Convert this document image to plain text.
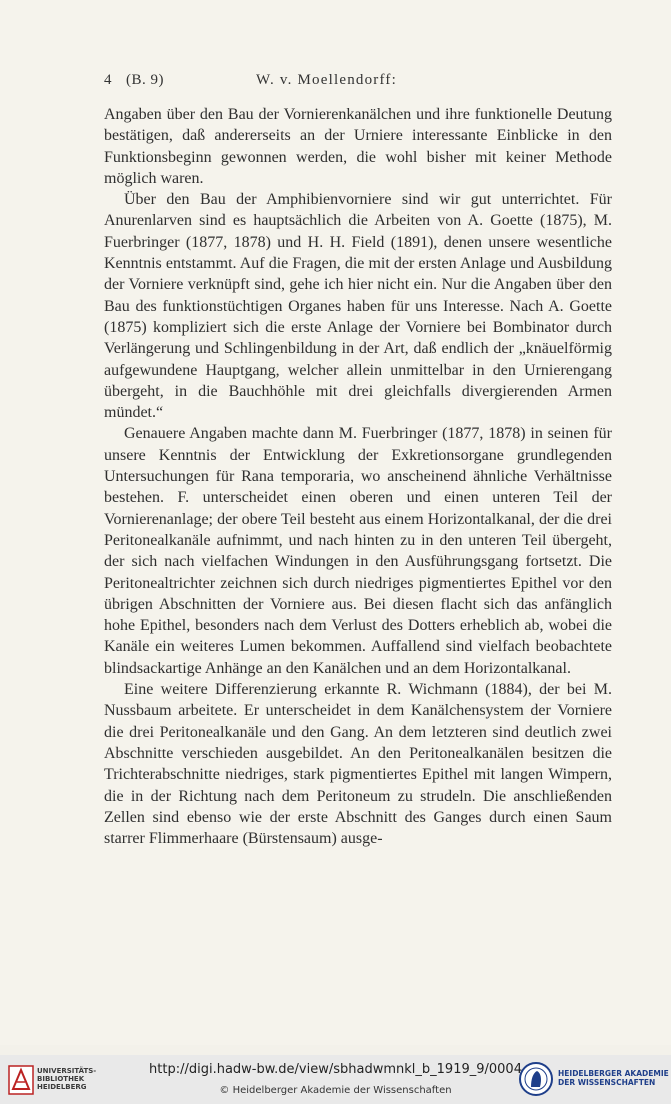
4 (B. 9)	W. v. Moellendorff:

Angaben über den Bau der Vornierenkanälchen und ihre funktionelle Deutung bestätigen, daß andererseits an der Urniere interessante Einblicke in den Funktionsbeginn gewonnen werden, die wohl bisher mit keiner Methode möglich waren.

Über den Bau der Amphibienvorniere sind wir gut unterrichtet. Für Anurenlarven sind es hauptsächlich die Arbeiten von A. Goette (1875), M. Fuerbringer (1877, 1878) und H. H. Field (1891), denen unsere wesentliche Kenntnis entstammt. Auf die Fragen, die mit der ersten Anlage und Ausbildung der Vorniere verknüpft sind, gehe ich hier nicht ein. Nur die Angaben über den Bau des funktionstüchtigen Organes haben für uns Interesse. Nach A. Goette (1875) kompliziert sich die erste Anlage der Vorniere bei Bombinator durch Verlängerung und Schlingenbildung in der Art, daß endlich der „knäuelförmig aufgewundene Hauptgang, welcher allein unmittelbar in den Urnierengang übergeht, in die Bauchhöhle mit drei gleichfalls divergierenden Armen mündet.“

Genauere Angaben machte dann M. Fuerbringer (1877, 1878) in seinen für unsere Kenntnis der Entwicklung der Exkretionsorgane grundlegenden Untersuchungen für Rana temporaria, wo anscheinend ähnliche Verhältnisse bestehen. F. unterscheidet einen oberen und einen unteren Teil der Vornierenanlage; der obere Teil besteht aus einem Horizontalkanal, der die drei Peritonealkanäle aufnimmt, und nach hinten zu in den unteren Teil übergeht, der sich nach vielfachen Windungen in den Ausführungsgang fortsetzt. Die Peritonealtrichter zeichnen sich durch niedriges pigmentiertes Epithel vor den übrigen Abschnitten der Vorniere aus. Bei diesen flacht sich das anfänglich hohe Epithel, besonders nach dem Verlust des Dotters erheblich ab, wobei die Kanäle ein weiteres Lumen bekommen. Auffallend sind vielfach beobachtete blindsackartige Anhänge an den Kanälchen und an dem Horizontalkanal.

Eine weitere Differenzierung erkannte R. Wichmann (1884), der bei M. Nussbaum arbeitete. Er unterscheidet in dem Kanälchensystem der Vorniere die drei Peritonealkanäle und den Gang. An dem letzteren sind deutlich zwei Abschnitte verschieden ausgebildet. An den Peritonealkanälen besitzen die Trichterabschnitte niedriges, stark pigmentiertes Epithel mit langen Wimpern, die in der Richtung nach dem Peritoneum zu strudeln. Die anschließenden Zellen sind ebenso wie der erste Abschnitt des Ganges durch einen Saum starrer Flimmerhaare (Bürstensaum) ausge-

UNIVERSITÄTS-
BIBLIOTHEK
HEIDELBERG
http://digi.hadw-bw.de/view/sbhadwmnkl_b_1919_9/0004
© Heidelberger Akademie der Wissenschaften
HEIDELBERGER AKADEMIE
DER WISSENSCHAFTEN
